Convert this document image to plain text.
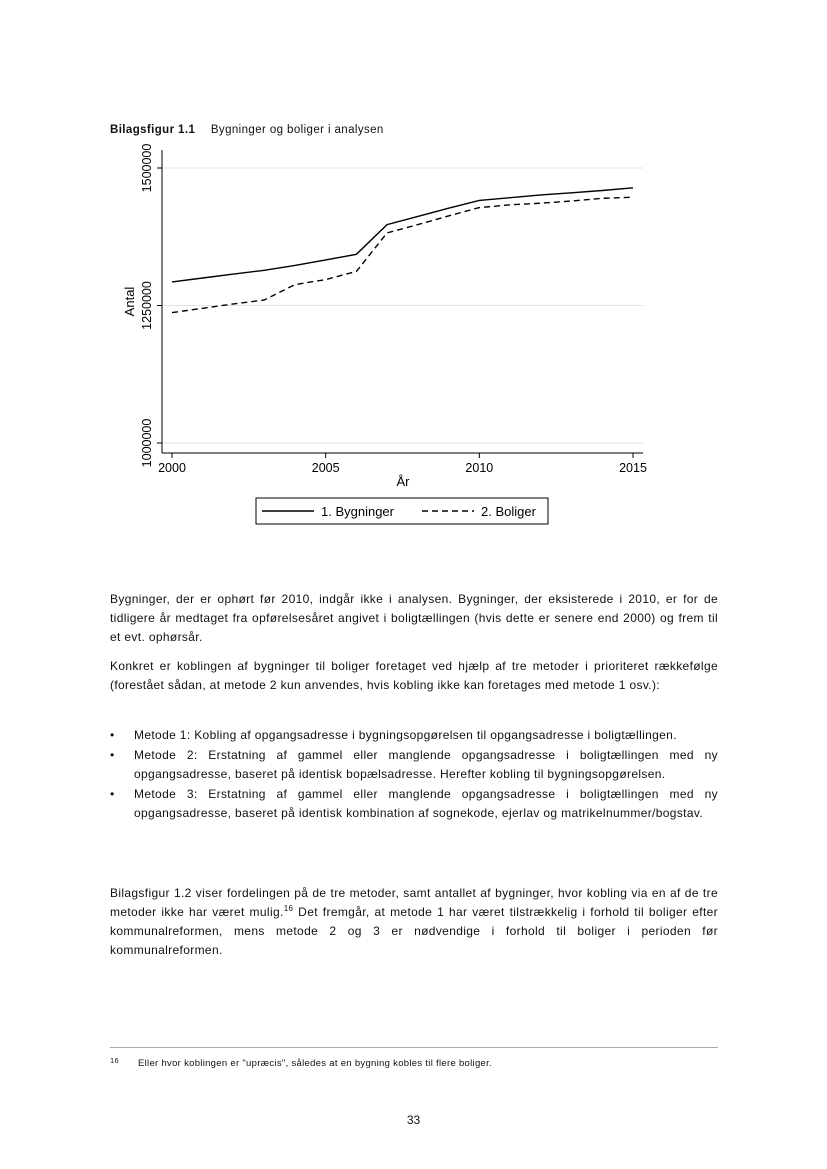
Bilagsfigur 1.1 Bygninger og boliger i analysen
1000000
1250000
1500000
2000	2005	2010	2015
År
Antal
1. Bygninger	2. Boliger

Bygninger, der er ophørt før 2010, indgår ikke i analysen. Bygninger, der eksisterede i 2010, er for de tidligere år medtaget fra opførelsesåret angivet i boligtællingen (hvis dette er senere end 2000) og frem til et evt. ophørsår.

Konkret er koblingen af bygninger til boliger foretaget ved hjælp af tre metoder i prioriteret rækkefølge (forestået sådan, at metode 2 kun anvendes, hvis kobling ikke kan foretages med metode 1 osv.):

• Metode 1: Kobling af opgangsadresse i bygningsopgørelsen til opgangsadresse i boligtællingen.
• Metode 2: Erstatning af gammel eller manglende opgangsadresse i boligtællingen med ny opgangsadresse, baseret på identisk bopælsadresse. Herefter kobling til bygningsopgørelsen.
• Metode 3: Erstatning af gammel eller manglende opgangsadresse i boligtællingen med ny opgangsadresse, baseret på identisk kombination af sognekode, ejerlav og matrikelnummer/bogstav.

Bilagsfigur 1.2 viser fordelingen på de tre metoder, samt antallet af bygninger, hvor kobling via en af de tre metoder ikke har været mulig.$^{16}$ Det fremgår, at metode 1 har været tilstrækkelig i forhold til boliger efter kommunalreformen, mens metode 2 og 3 er nødvendige i forhold til boliger i perioden før kommunalreformen.

16 Eller hvor koblingen er "upræcis", således at en bygning kobles til flere boliger.
33
